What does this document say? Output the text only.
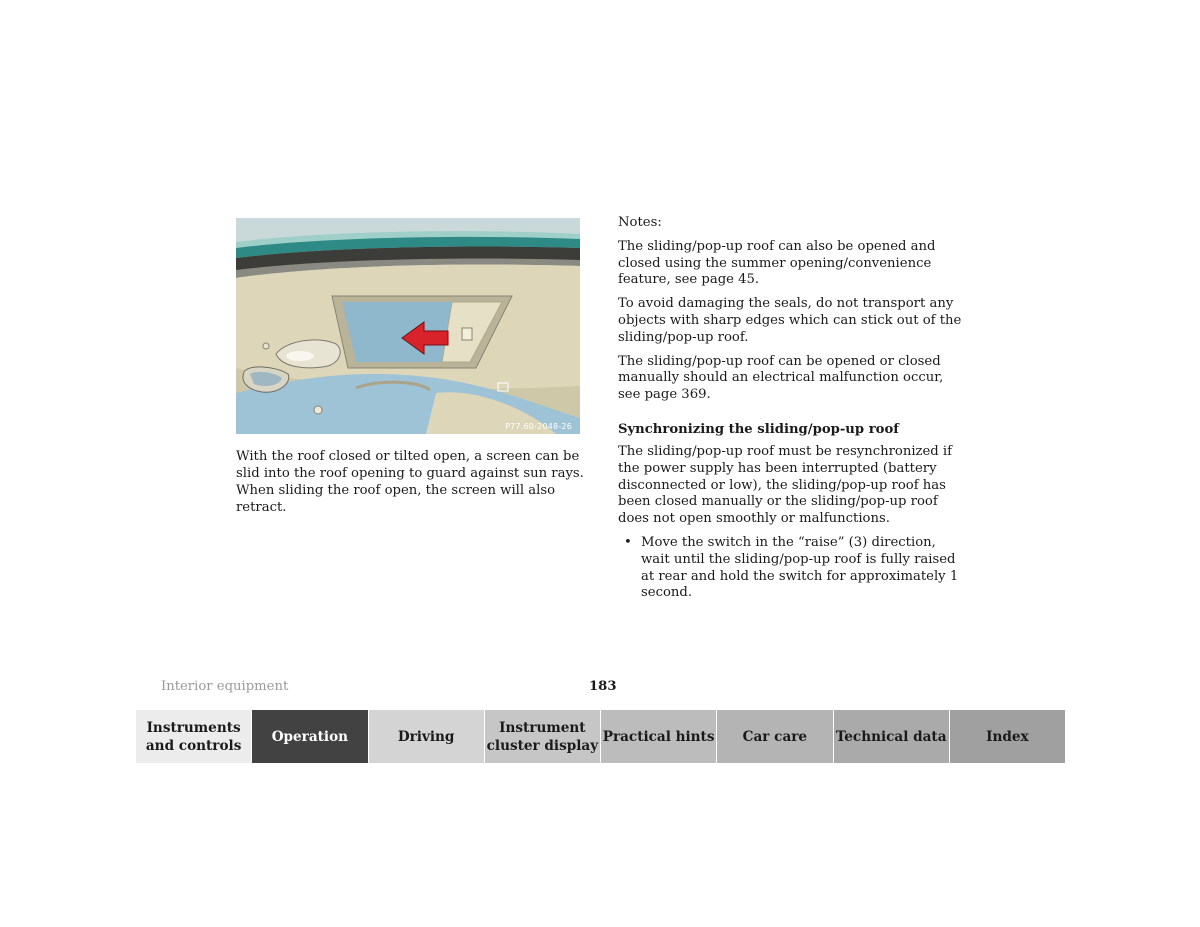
P77.60-2048-26

With the roof closed or tilted open, a screen can be slid into the roof opening to guard against sun rays. When sliding the roof open, the screen will also retract.

Notes:

The sliding/pop-up roof can also be opened and closed using the summer opening/convenience feature, see page 45.

To avoid damaging the seals, do not transport any objects with sharp edges which can stick out of the sliding/pop-up roof.

The sliding/pop-up roof can be opened or closed manually should an electrical malfunction occur, see page 369.

Synchronizing the sliding/pop-up roof

The sliding/pop-up roof must be resynchronized if the power supply has been interrupted (battery disconnected or low), the sliding/pop-up roof has been closed manually or the sliding/pop-up roof does not open smoothly or malfunctions.

• Move the switch in the “raise” (3) direction, wait until the sliding/pop-up roof is fully raised at rear and hold the switch for approximately 1 second.

Interior equipment	183
Instruments and controls
Operation	Driving
Instrument cluster display
Practical hints	Car care	Technical data	Index
